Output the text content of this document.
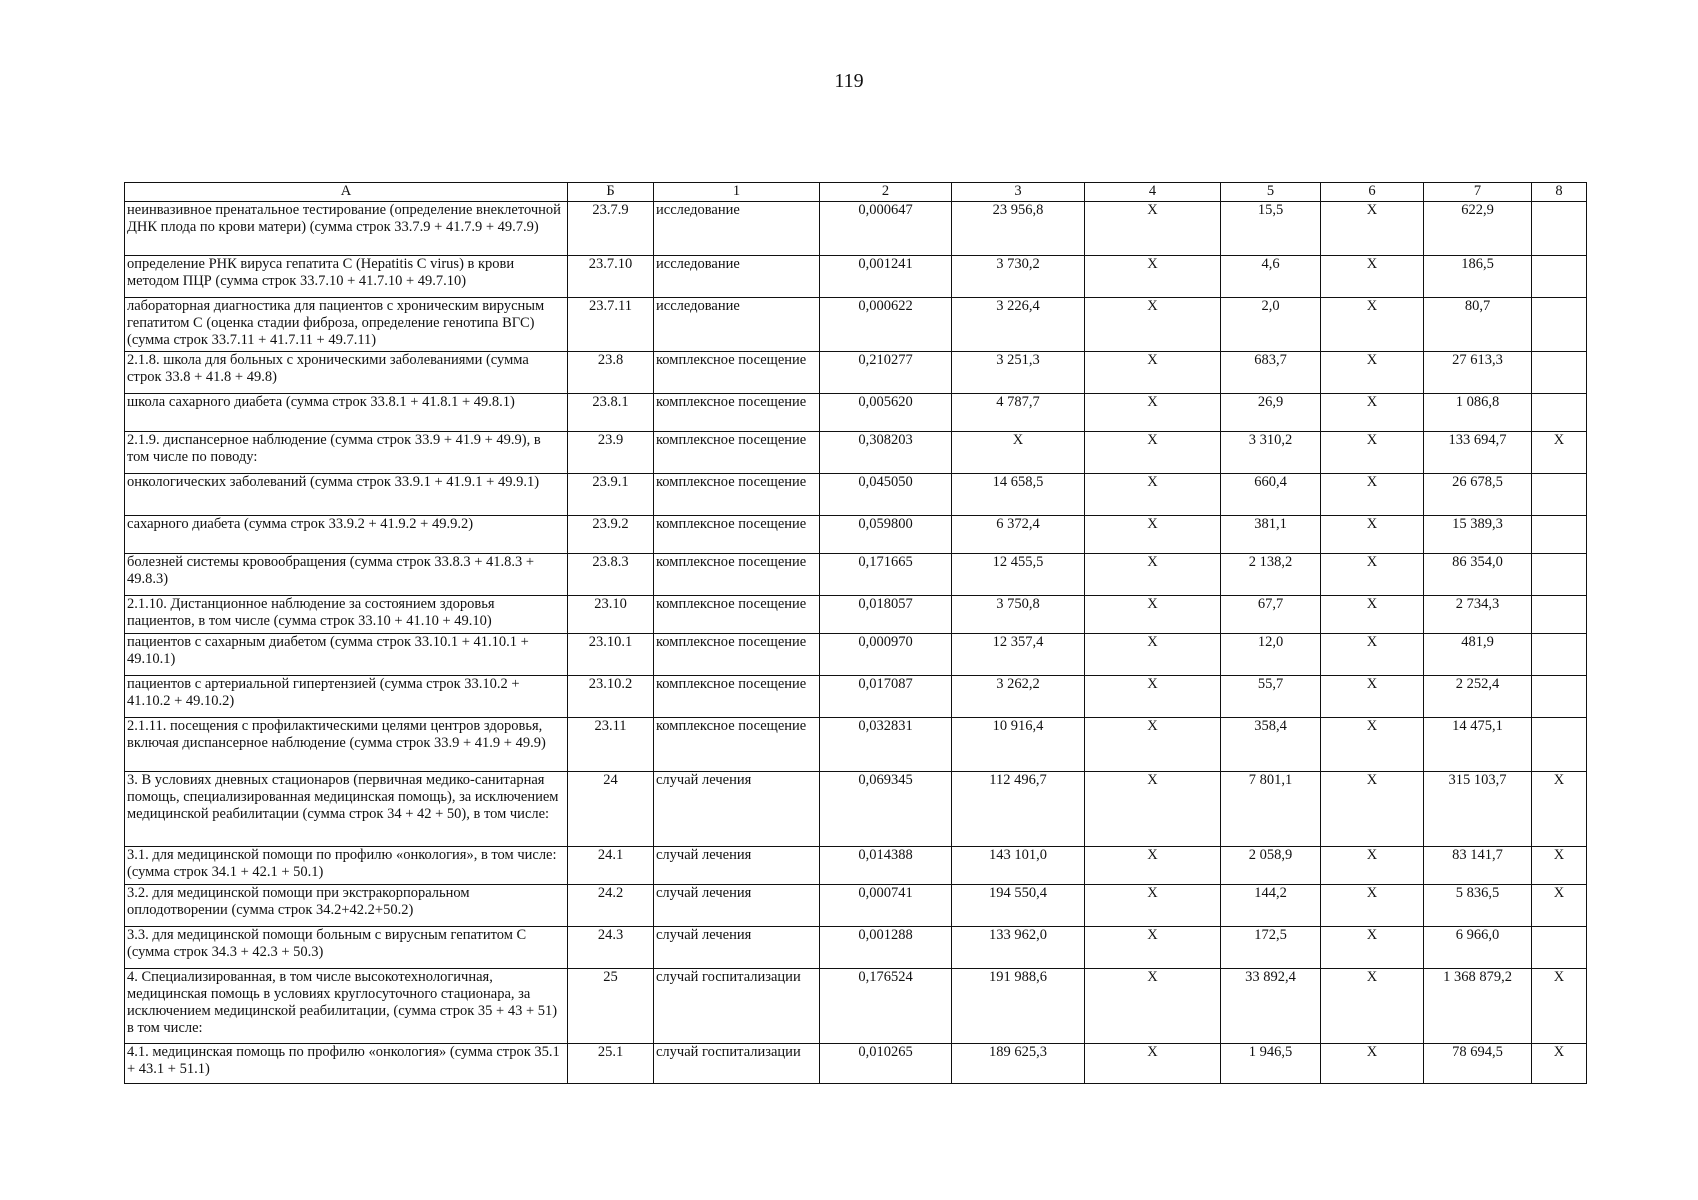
119
А	Б	1	2	3	4	5	6	7	8
неинвазивное пренатальное тестирование (определение внеклеточной ДНК плода по крови матери) (сумма строк 33.7.9 + 41.7.9 + 49.7.9)	23.7.9	исследование	0,000647	23 956,8	Х	15,5	Х	622,9	
определение РНК вируса гепатита С (Hepatitis C virus) в крови методом ПЦР (сумма строк 33.7.10 + 41.7.10 + 49.7.10)	23.7.10	исследование	0,001241	3 730,2	Х	4,6	Х	186,5	
лабораторная диагностика для пациентов с хроническим вирусным гепатитом С (оценка стадии фиброза, определение генотипа ВГС) (сумма строк 33.7.11 + 41.7.11 + 49.7.11)	23.7.11	исследование	0,000622	3 226,4	Х	2,0	Х	80,7	
2.1.8. школа для больных с хроническими заболеваниями (сумма строк 33.8 + 41.8 + 49.8)	23.8	комплексное посещение	0,210277	3 251,3	Х	683,7	Х	27 613,3	
школа сахарного диабета (сумма строк 33.8.1 + 41.8.1 + 49.8.1)	23.8.1	комплексное посещение	0,005620	4 787,7	Х	26,9	Х	1 086,8	
2.1.9. диспансерное наблюдение (сумма строк 33.9 + 41.9 + 49.9), в том числе по поводу:	23.9	комплексное посещение	0,308203	Х	Х	3 310,2	Х	133 694,7	Х
онкологических заболеваний (сумма строк 33.9.1 + 41.9.1 + 49.9.1)	23.9.1	комплексное посещение	0,045050	14 658,5	Х	660,4	Х	26 678,5	
сахарного диабета (сумма строк 33.9.2 + 41.9.2 + 49.9.2)	23.9.2	комплексное посещение	0,059800	6 372,4	Х	381,1	Х	15 389,3	
болезней системы кровообращения (сумма строк 33.8.3 + 41.8.3 + 49.8.3)	23.8.3	комплексное посещение	0,171665	12 455,5	Х	2 138,2	Х	86 354,0	
2.1.10. Дистанционное наблюдение за состоянием здоровья пациентов, в том числе (сумма строк 33.10 + 41.10 + 49.10)	23.10	комплексное посещение	0,018057	3 750,8	Х	67,7	Х	2 734,3	
пациентов с сахарным диабетом (сумма строк 33.10.1 + 41.10.1 + 49.10.1)	23.10.1	комплексное посещение	0,000970	12 357,4	Х	12,0	Х	481,9	
пациентов с артериальной гипертензией (сумма строк 33.10.2 + 41.10.2 + 49.10.2)	23.10.2	комплексное посещение	0,017087	3 262,2	Х	55,7	Х	2 252,4	
2.1.11. посещения с профилактическими целями центров здоровья, включая диспансерное наблюдение (сумма строк 33.9 + 41.9 + 49.9)	23.11	комплексное посещение	0,032831	10 916,4	Х	358,4	Х	14 475,1	
3. В условиях дневных стационаров (первичная медико-санитарная помощь, специализированная медицинская помощь), за исключением медицинской реабилитации (сумма строк 34 + 42 + 50), в том числе:	24	случай лечения	0,069345	112 496,7	Х	7 801,1	Х	315 103,7	Х
3.1. для медицинской помощи по профилю «онкология», в том числе: (сумма строк 34.1 + 42.1 + 50.1)	24.1	случай лечения	0,014388	143 101,0	Х	2 058,9	Х	83 141,7	Х
3.2. для медицинской помощи при экстракорпоральном оплодотворении (сумма строк 34.2+42.2+50.2)	24.2	случай лечения	0,000741	194 550,4	Х	144,2	Х	5 836,5	Х
3.3. для медицинской помощи больным с вирусным гепатитом С (сумма строк 34.3 + 42.3 + 50.3)	24.3	случай лечения	0,001288	133 962,0	Х	172,5	Х	6 966,0	
4. Специализированная, в том числе высокотехнологичная, медицинская помощь в условиях круглосуточного стационара, за исключением медицинской реабилитации, (сумма строк 35 + 43 + 51) в том числе:	25	случай госпитализации	0,176524	191 988,6	Х	33 892,4	Х	1 368 879,2	Х
4.1. медицинская помощь по профилю «онкология» (сумма строк 35.1 + 43.1 + 51.1)	25.1	случай госпитализации	0,010265	189 625,3	Х	1 946,5	Х	78 694,5	Х
